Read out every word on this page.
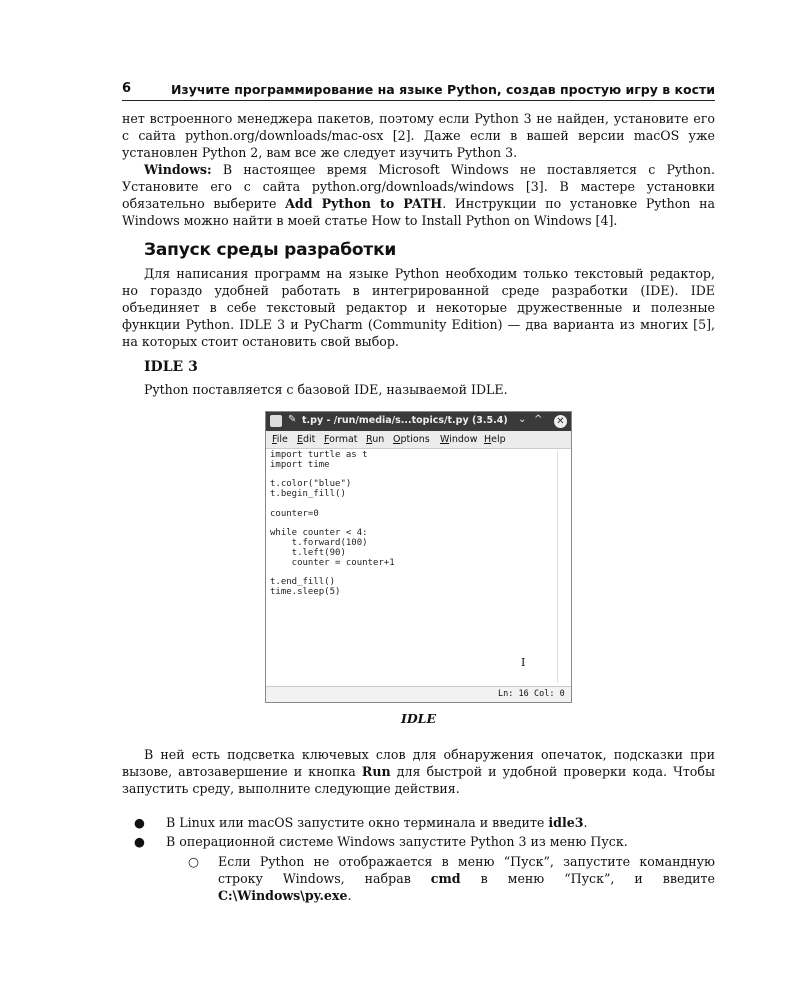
6	Изучите программирование на языке Python, создав простую игру в кости
нет встроенного менеджера пакетов, поэтому если Python 3 не найден, установите его с сайта python.org/downloads/mac-osx [2]. Даже если в вашей версии macOS уже установлен Python 2, вам все же следует изучить Python 3.
Windows: В настоящее время Microsoft Windows не поставляется с Python. Установите его с сайта python.org/downloads/windows [3]. В мастере установки обязательно выберите Add Python to PATH. Инструкции по установке Python на Windows можно найти в моей статье How to Install Python on Windows [4].
Запуск среды разработки
Для написания программ на языке Python необходим только текстовый редактор, но гораздо удобней работать в интегрированной среде разработки (IDE). IDE объединяет в себе текстовый редактор и некоторые дружественные и полезные функции Python. IDLE 3 и PyCharm (Community Edition) — два варианта из многих [5], на которых стоит остановить свой выбор.
IDLE 3
Python поставляется с базовой IDE, называемой IDLE.
✎ t.py - /run/media/s...topics/t.py (3.5.4) ⌄ ^ ✕
File Edit Format Run Options Window Help
import turtle as t
import time

t.color("blue")
t.begin_fill()

counter=0

while counter < 4:
t.forward(100)
t.left(90)
counter = counter+1

t.end_fill()
time.sleep(5)
I
Ln: 16 Col: 0
IDLE
В ней есть подсветка ключевых слов для обнаружения опечаток, подсказки при вызове, автозавершение и кнопка Run для быстрой и удобной проверки кода. Чтобы запустить среду, выполните следующие действия.
● В Linux или macOS запустите окно терминала и введите idle3.
● В операционной системе Windows запустите Python 3 из меню Пуск.
○ Если Python не отображается в меню “Пуск”, запустите командную строку Windows, набрав cmd в меню “Пуск”, и введите C:\Windows\py.exe.
